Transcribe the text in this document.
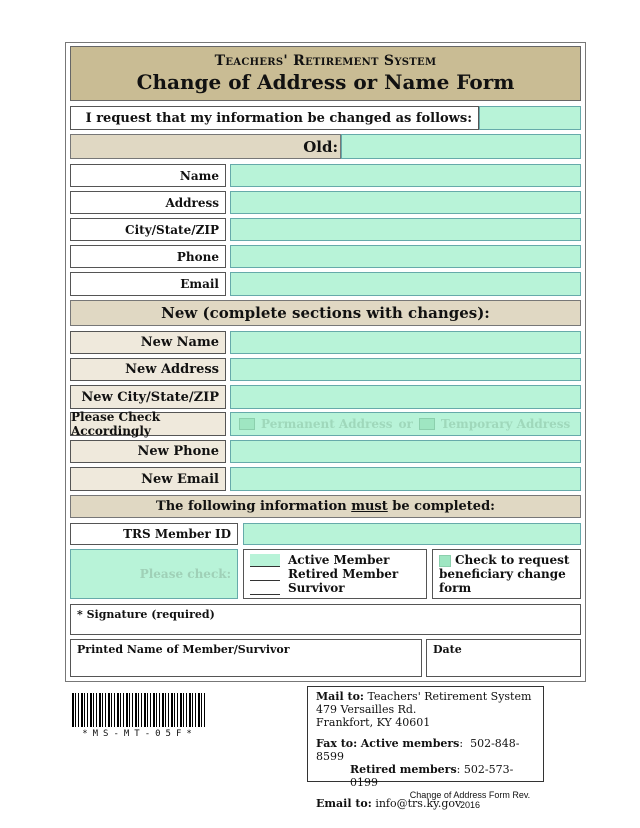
Teachers' Retirement System
Change of Address or Name Form
I request that my information be changed as follows:
Old:
Name
Address
City/State/ZIP
Phone
Email
New (complete sections with changes):
New Name
New Address
New City/State/ZIP
Please Check Accordingly	Permanent Address or Temporary Address
New Phone
New Email
The following information must be completed:
TRS Member ID
Please check:
Active Member
Retired Member
Survivor
Check to request beneficiary change form
* Signature (required)
Printed Name of Member/Survivor	Date
*MS-MT-05F*
Mail to: Teachers' Retirement System
479 Versailles Rd.
Frankfort, KY 40601
Fax to: Active members:  502-848-8599
Retired members: 502-573-0199
Email to: info@trs.ky.gov
Change of Address Form Rev. 2016
